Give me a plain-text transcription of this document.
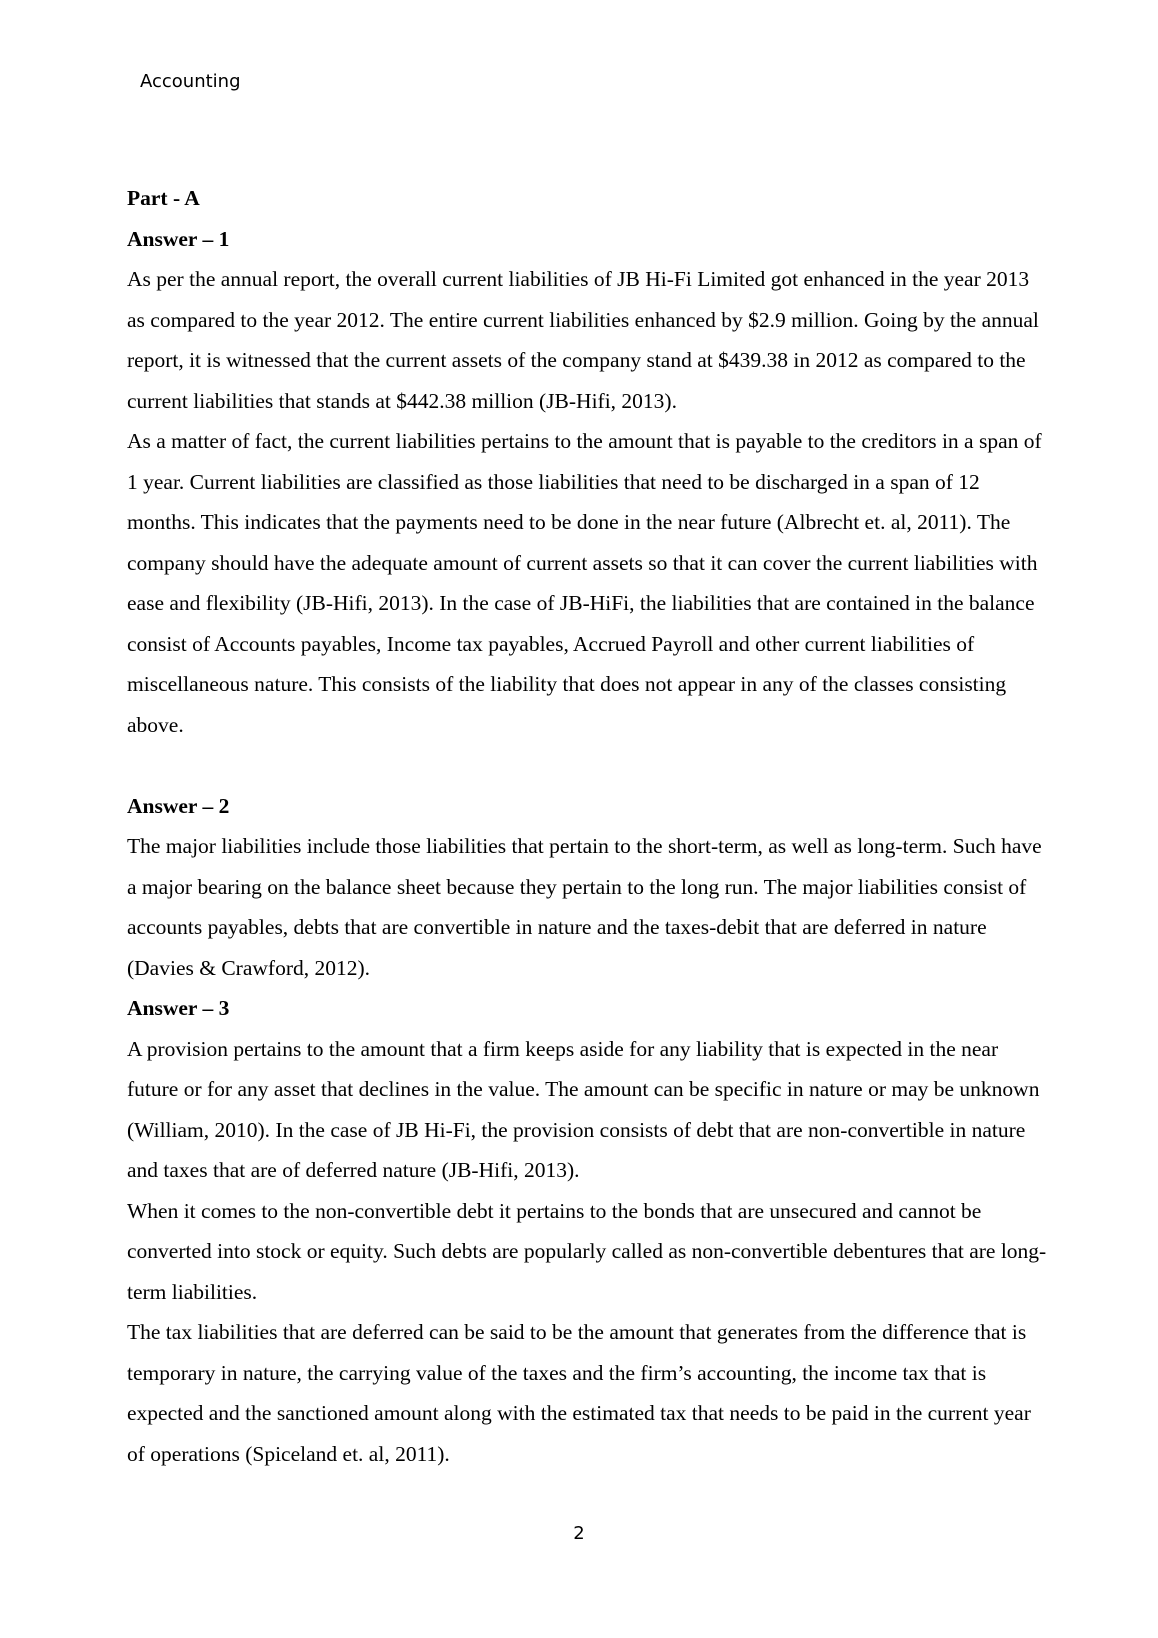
Accounting

Part - A

Answer – 1

As per the annual report, the overall current liabilities of JB Hi-Fi Limited got enhanced in the year 2013 as compared to the year 2012. The entire current liabilities enhanced by $2.9 million. Going by the annual report, it is witnessed that the current assets of the company stand at $439.38 in 2012 as compared to the current liabilities that stands at $442.38 million (JB-Hifi, 2013).

As a matter of fact, the current liabilities pertains to the amount that is payable to the creditors in a span of 1 year. Current liabilities are classified as those liabilities that need to be discharged in a span of 12 months. This indicates that the payments need to be done in the near future (Albrecht et. al, 2011). The company should have the adequate amount of current assets so that it can cover the current liabilities with ease and flexibility (JB-Hifi, 2013). In the case of JB-HiFi, the liabilities that are contained in the balance consist of Accounts payables, Income tax payables, Accrued Payroll and other current liabilities of miscellaneous nature. This consists of the liability that does not appear in any of the classes consisting above.

Answer – 2

The major liabilities include those liabilities that pertain to the short-term, as well as long-term. Such have a major bearing on the balance sheet because they pertain to the long run. The major liabilities consist of accounts payables, debts that are convertible in nature and the taxes-debit that are deferred in nature (Davies & Crawford, 2012).

Answer – 3

A provision pertains to the amount that a firm keeps aside for any liability that is expected in the near future or for any asset that declines in the value. The amount can be specific in nature or may be unknown (William, 2010). In the case of JB Hi-Fi, the provision consists of debt that are non-convertible in nature and taxes that are of deferred nature (JB-Hifi, 2013).

When it comes to the non-convertible debt it pertains to the bonds that are unsecured and cannot be converted into stock or equity. Such debts are popularly called as non-convertible debentures that are long-term liabilities.

The tax liabilities that are deferred can be said to be the amount that generates from the difference that is temporary in nature, the carrying value of the taxes and the firm’s accounting, the income tax that is expected and the sanctioned amount along with the estimated tax that needs to be paid in the current year of operations (Spiceland et. al, 2011).

2
